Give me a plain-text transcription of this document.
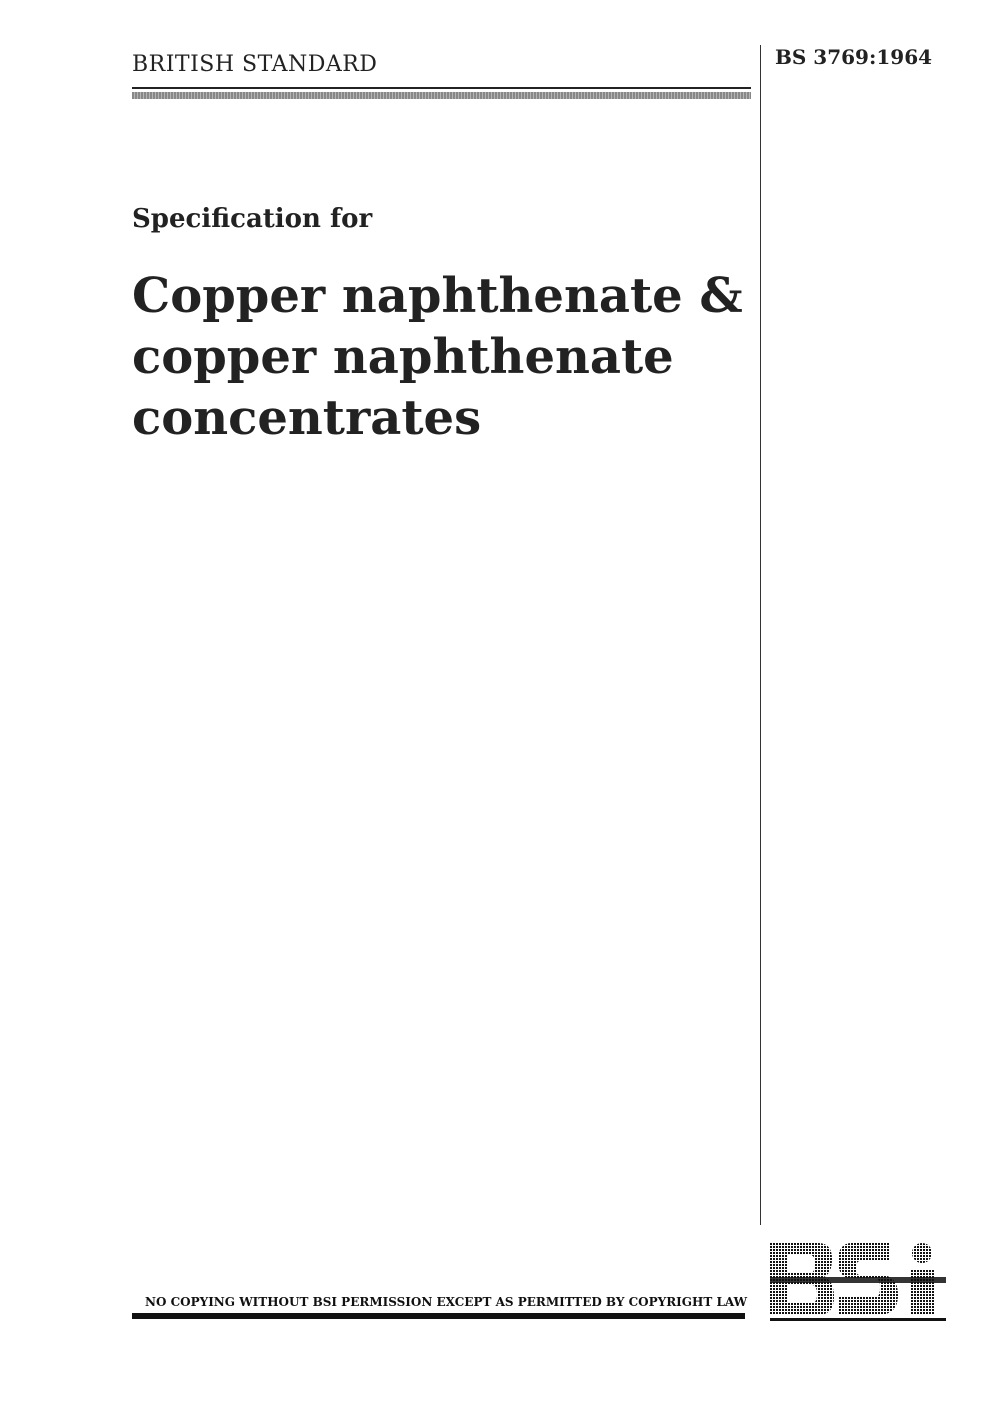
BRITISH STANDARD	BS 3769:1964
Specification for
Copper naphthenate &
copper naphthenate
concentrates
NO COPYING WITHOUT BSI PERMISSION EXCEPT AS PERMITTED BY COPYRIGHT LAW
